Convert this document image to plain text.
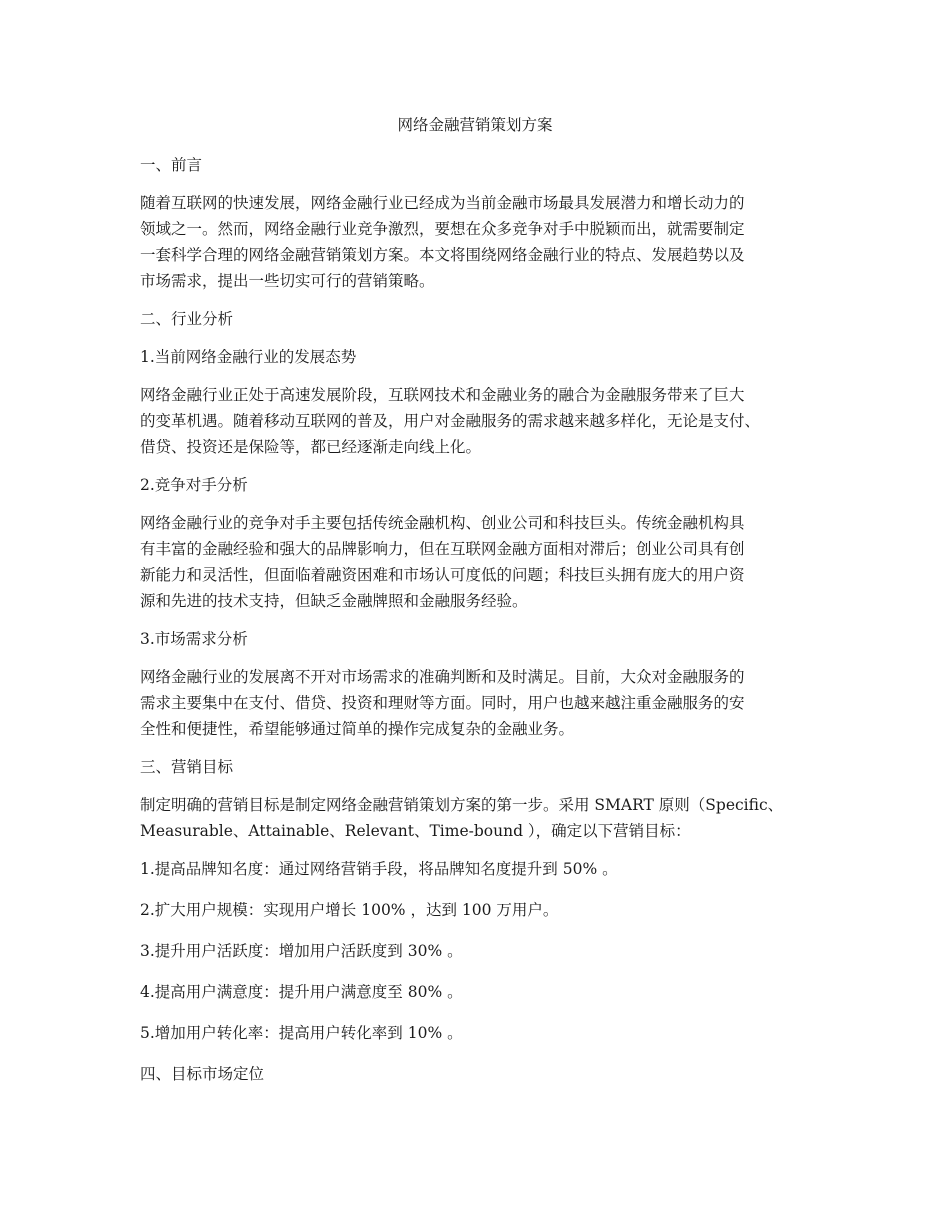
网络金融营销策划方案

一、前言

随着互联网的快速发展，网络金融行业已经成为当前金融市场最具发展潜力和增长动力的
领域之一。然而，网络金融行业竞争激烈，要想在众多竞争对手中脱颖而出，就需要制定
一套科学合理的网络金融营销策划方案。本文将围绕网络金融行业的特点、发展趋势以及
市场需求，提出一些切实可行的营销策略。

二、行业分析

1.当前网络金融行业的发展态势

网络金融行业正处于高速发展阶段，互联网技术和金融业务的融合为金融服务带来了巨大
的变革机遇。随着移动互联网的普及，用户对金融服务的需求越来越多样化，无论是支付、
借贷、投资还是保险等，都已经逐渐走向线上化。

2.竞争对手分析

网络金融行业的竞争对手主要包括传统金融机构、创业公司和科技巨头。传统金融机构具
有丰富的金融经验和强大的品牌影响力，但在互联网金融方面相对滞后；创业公司具有创
新能力和灵活性，但面临着融资困难和市场认可度低的问题；科技巨头拥有庞大的用户资
源和先进的技术支持，但缺乏金融牌照和金融服务经验。

3.市场需求分析

网络金融行业的发展离不开对市场需求的准确判断和及时满足。目前，大众对金融服务的
需求主要集中在支付、借贷、投资和理财等方面。同时，用户也越来越注重金融服务的安
全性和便捷性，希望能够通过简单的操作完成复杂的金融业务。

三、营销目标

制定明确的营销目标是制定网络金融营销策划方案的第一步。采用 SMART 原则（Specific、
Measurable、Attainable、Relevant、Time-bound ），确定以下营销目标：

1.提高品牌知名度：通过网络营销手段，将品牌知名度提升到 50% 。

2.扩大用户规模：实现用户增长 100% ，达到 100 万用户。

3.提升用户活跃度：增加用户活跃度到 30% 。

4.提高用户满意度：提升用户满意度至 80% 。

5.增加用户转化率：提高用户转化率到 10% 。

四、目标市场定位
